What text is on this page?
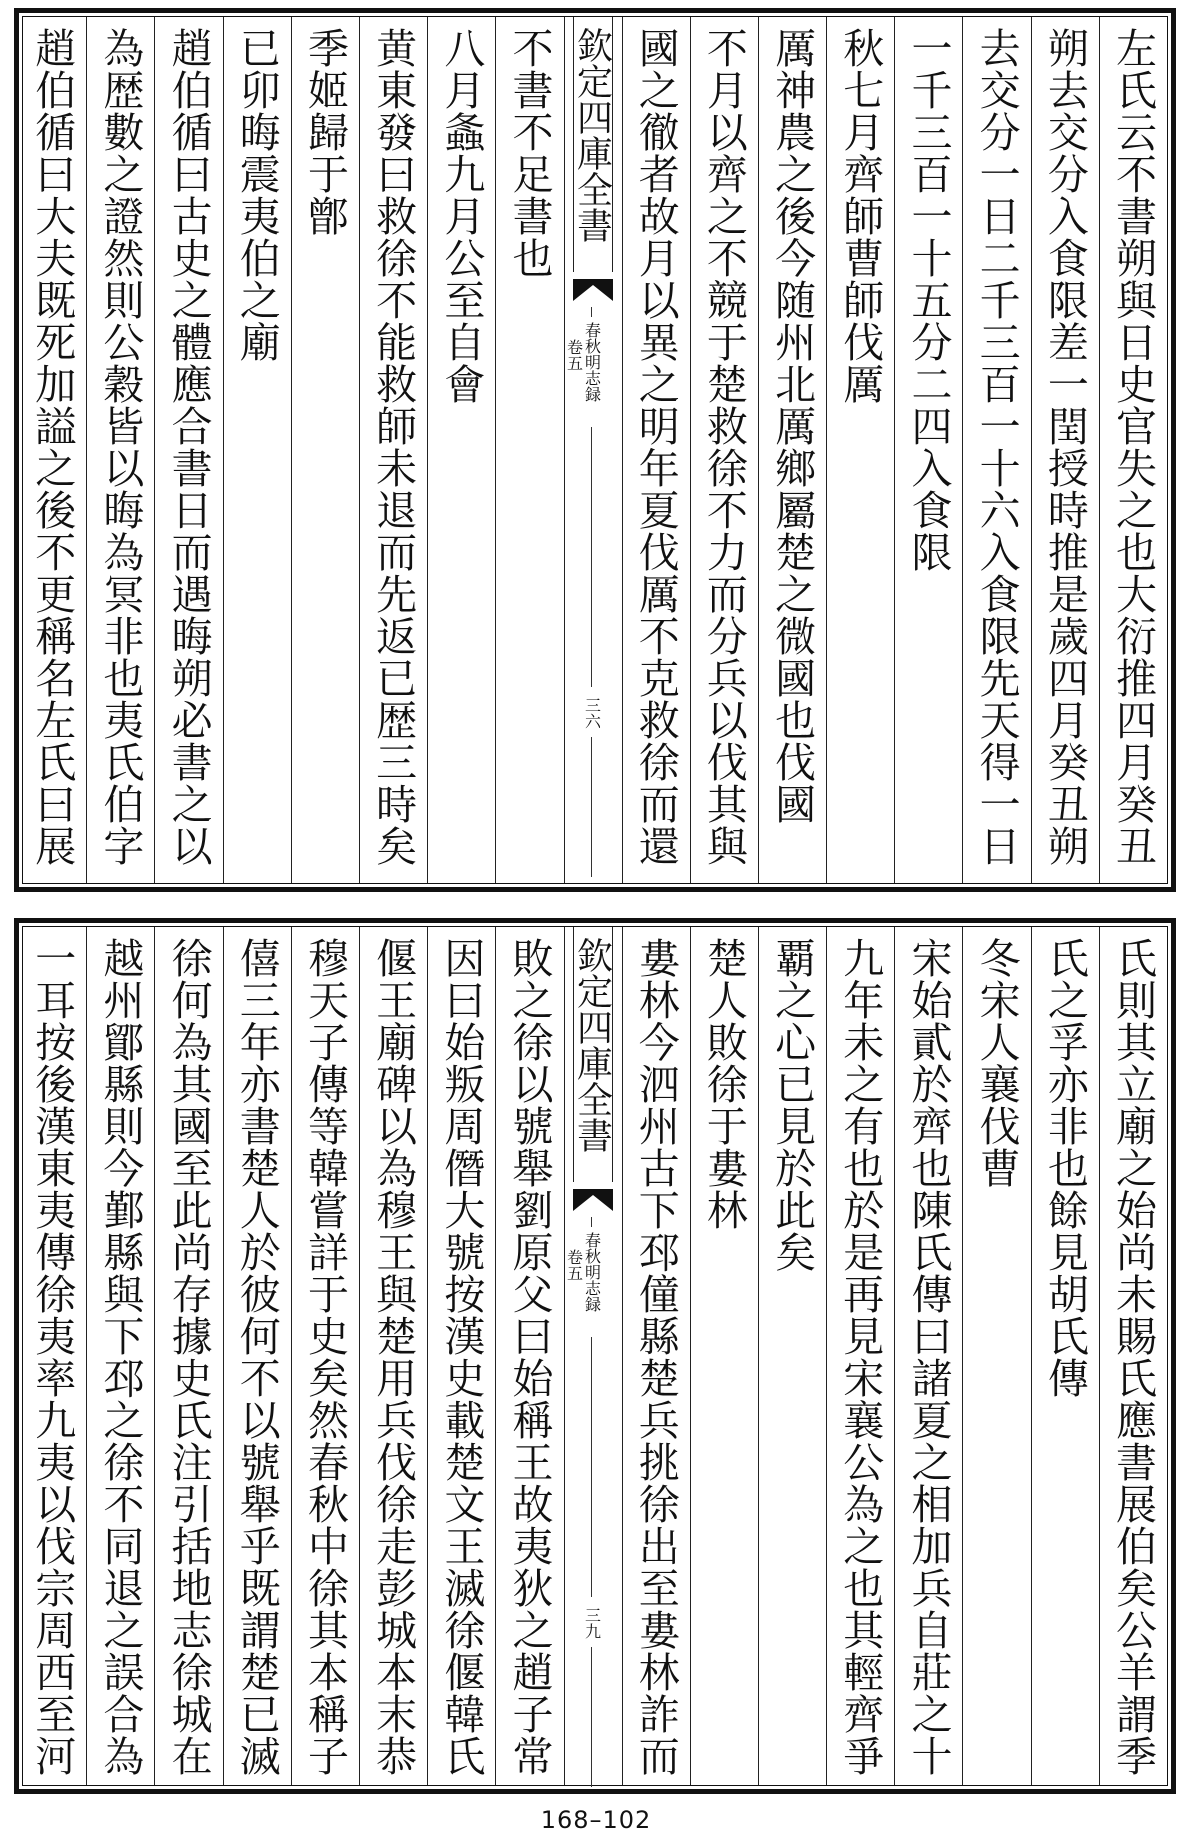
左氏云不書朔與日史官失之也大衍推四月癸丑
朔去交分入食限差一閏授時推是歲四月癸丑朔
去交分一日二千三百一十六入食限先天得一日
一千三百一十五分二四入食限
秋七月齊師曹師伐厲
厲神農之後今随州北厲鄉屬楚之微國也伐國
不月以齊之不競于楚救徐不力而分兵以伐其與
國之徹者故月以異之明年夏伐厲不克救徐而還
欽定四庫全書
春秋明志録
卷五
三六
不書不足書也
八月螽九月公至自會
黄東發曰救徐不能救師未退而先返已歴三時矣
季姬歸于鄫
已卯晦震夷伯之廟
趙伯循曰古史之體應合書日而遇晦朔必書之以
為歴數之證然則公穀皆以晦為冥非也夷氏伯字
趙伯循曰大夫既死加謚之後不更稱名左氏曰展
氏則其立廟之始尚未賜氏應書展伯矣公羊謂季
氏之孚亦非也餘見胡氏傳
冬宋人襄伐曹
宋始貳於齊也陳氏傳曰諸夏之相加兵自莊之十
九年未之有也於是再見宋襄公為之也其輕齊爭
覇之心已見於此矣
楚人敗徐于婁林
婁林今泗州古下邳僮縣楚兵挑徐出至婁林詐而
欽定四庫全書
春秋明志録
卷五
三九
敗之徐以號舉劉原父曰始稱王故夷狄之趙子常
因曰始叛周僭大號按漢史載楚文王滅徐偃韓氏
偃王廟碑以為穆王與楚用兵伐徐走彭城本末恭
穆天子傳等韓嘗詳于史矣然春秋中徐其本稱子
僖三年亦書楚人於彼何不以號舉乎既謂楚已滅
徐何為其國至此尚存據史氏注引括地志徐城在
越州鄮縣則今鄞縣與下邳之徐不同退之誤合為
一耳按後漢東夷傳徐夷率九夷以伐宗周西至河
168–102
